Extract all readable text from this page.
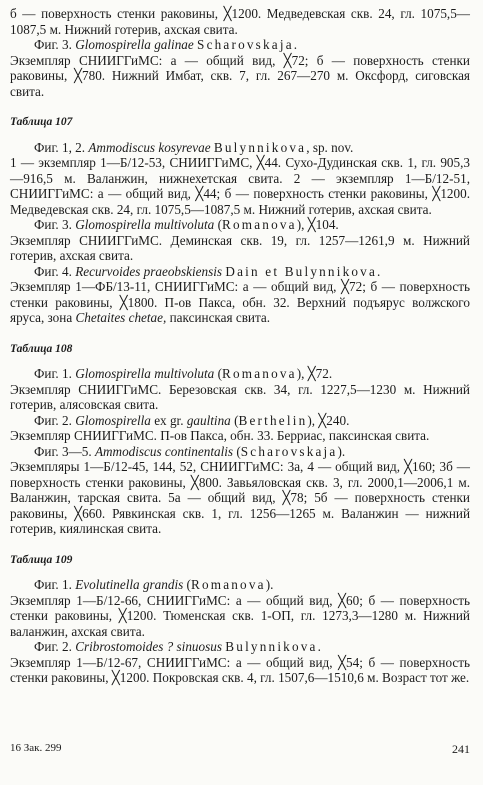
б — поверхность стенки раковины, ╳1200. Медведевская скв. 24, гл. 1075,5—1087,5 м. Нижний готерив, ахская свита.

Фиг. 3. Glomospirella galinae Scharovskaja.

Экземпляр СНИИГГиМС: а — общий вид, ╳72; б — поверхность стенки раковины, ╳780. Нижний Имбат, скв. 7, гл. 267—270 м. Оксфорд, сиговская свита.

Таблица 107

Фиг. 1, 2. Ammodiscus kosyrevae Bulynnikova, sp. nov.

1 — экземпляр 1—Б/12-53, СНИИГГиМС, ╳44. Сухо-Дудинская скв. 1, гл. 905,3—916,5 м. Валанжин, нижнехетская свита. 2 — экземпляр 1—Б/12-51, СНИИГГиМС: а — общий вид, ╳44; б — поверхность стенки раковины, ╳1200. Медведевская скв. 24, гл. 1075,5—1087,5 м. Нижний готерив, ахская свита.

Фиг. 3. Glomospirella multivoluta (Romanova), ╳104.

Экземпляр СНИИГГиМС. Деминская скв. 19, гл. 1257—1261,9 м. Нижний готерив, ахская свита.

Фиг. 4. Recurvoides praeobskiensis Dain et Bulynnikova.

Экземпляр 1—ФБ/13-11, СНИИГГиМС: а — общий вид, ╳72; б — поверхность стенки раковины, ╳1800. П-ов Пакса, обн. 32. Верхний подъярус волжского яруса, зона Chetaites chetae, паксинская свита.

Таблица 108

Фиг. 1. Glomospirella multivoluta (Romanova), ╳72.

Экземпляр СНИИГГиМС. Березовская скв. 34, гл. 1227,5—1230 м. Нижний готерив, алясовская свита.

Фиг. 2. Glomospirella ex gr. gaultina (Berthelin), ╳240.

Экземпляр СНИИГГиМС. П-ов Пакса, обн. 33. Берриас, паксинская свита.

Фиг. 3—5. Ammodiscus continentalis (Scharovskaja).

Экземпляры 1—Б/12-45, 144, 52, СНИИГГиМС: 3а, 4 — общий вид, ╳160; 3б — поверхность стенки раковины, ╳800. Завьяловская скв. 3, гл. 2000,1—2006,1 м. Валанжин, тарская свита. 5а — общий вид, ╳78; 5б — поверхность стенки раковины, ╳660. Рявкинская скв. 1, гл. 1256—1265 м. Валанжин — нижний готерив, киялинская свита.

Таблица 109

Фиг. 1. Evolutinella grandis (Romanova).

Экземпляр 1—Б/12-66, СНИИГГиМС: а — общий вид, ╳60; б — поверхность стенки раковины, ╳1200. Тюменская скв. 1-ОП, гл. 1273,3—1280 м. Нижний валанжин, ахская свита.

Фиг. 2. Cribrostomoides ? sinuosus Bulynnikova.

Экземпляр 1—Б/12-67, СНИИГГиМС: а — общий вид, ╳54; б — поверхность стенки раковины, ╳1200. Покровская скв. 4, гл. 1507,6—1510,6 м. Возраст тот же.

16 Зак. 299	241
